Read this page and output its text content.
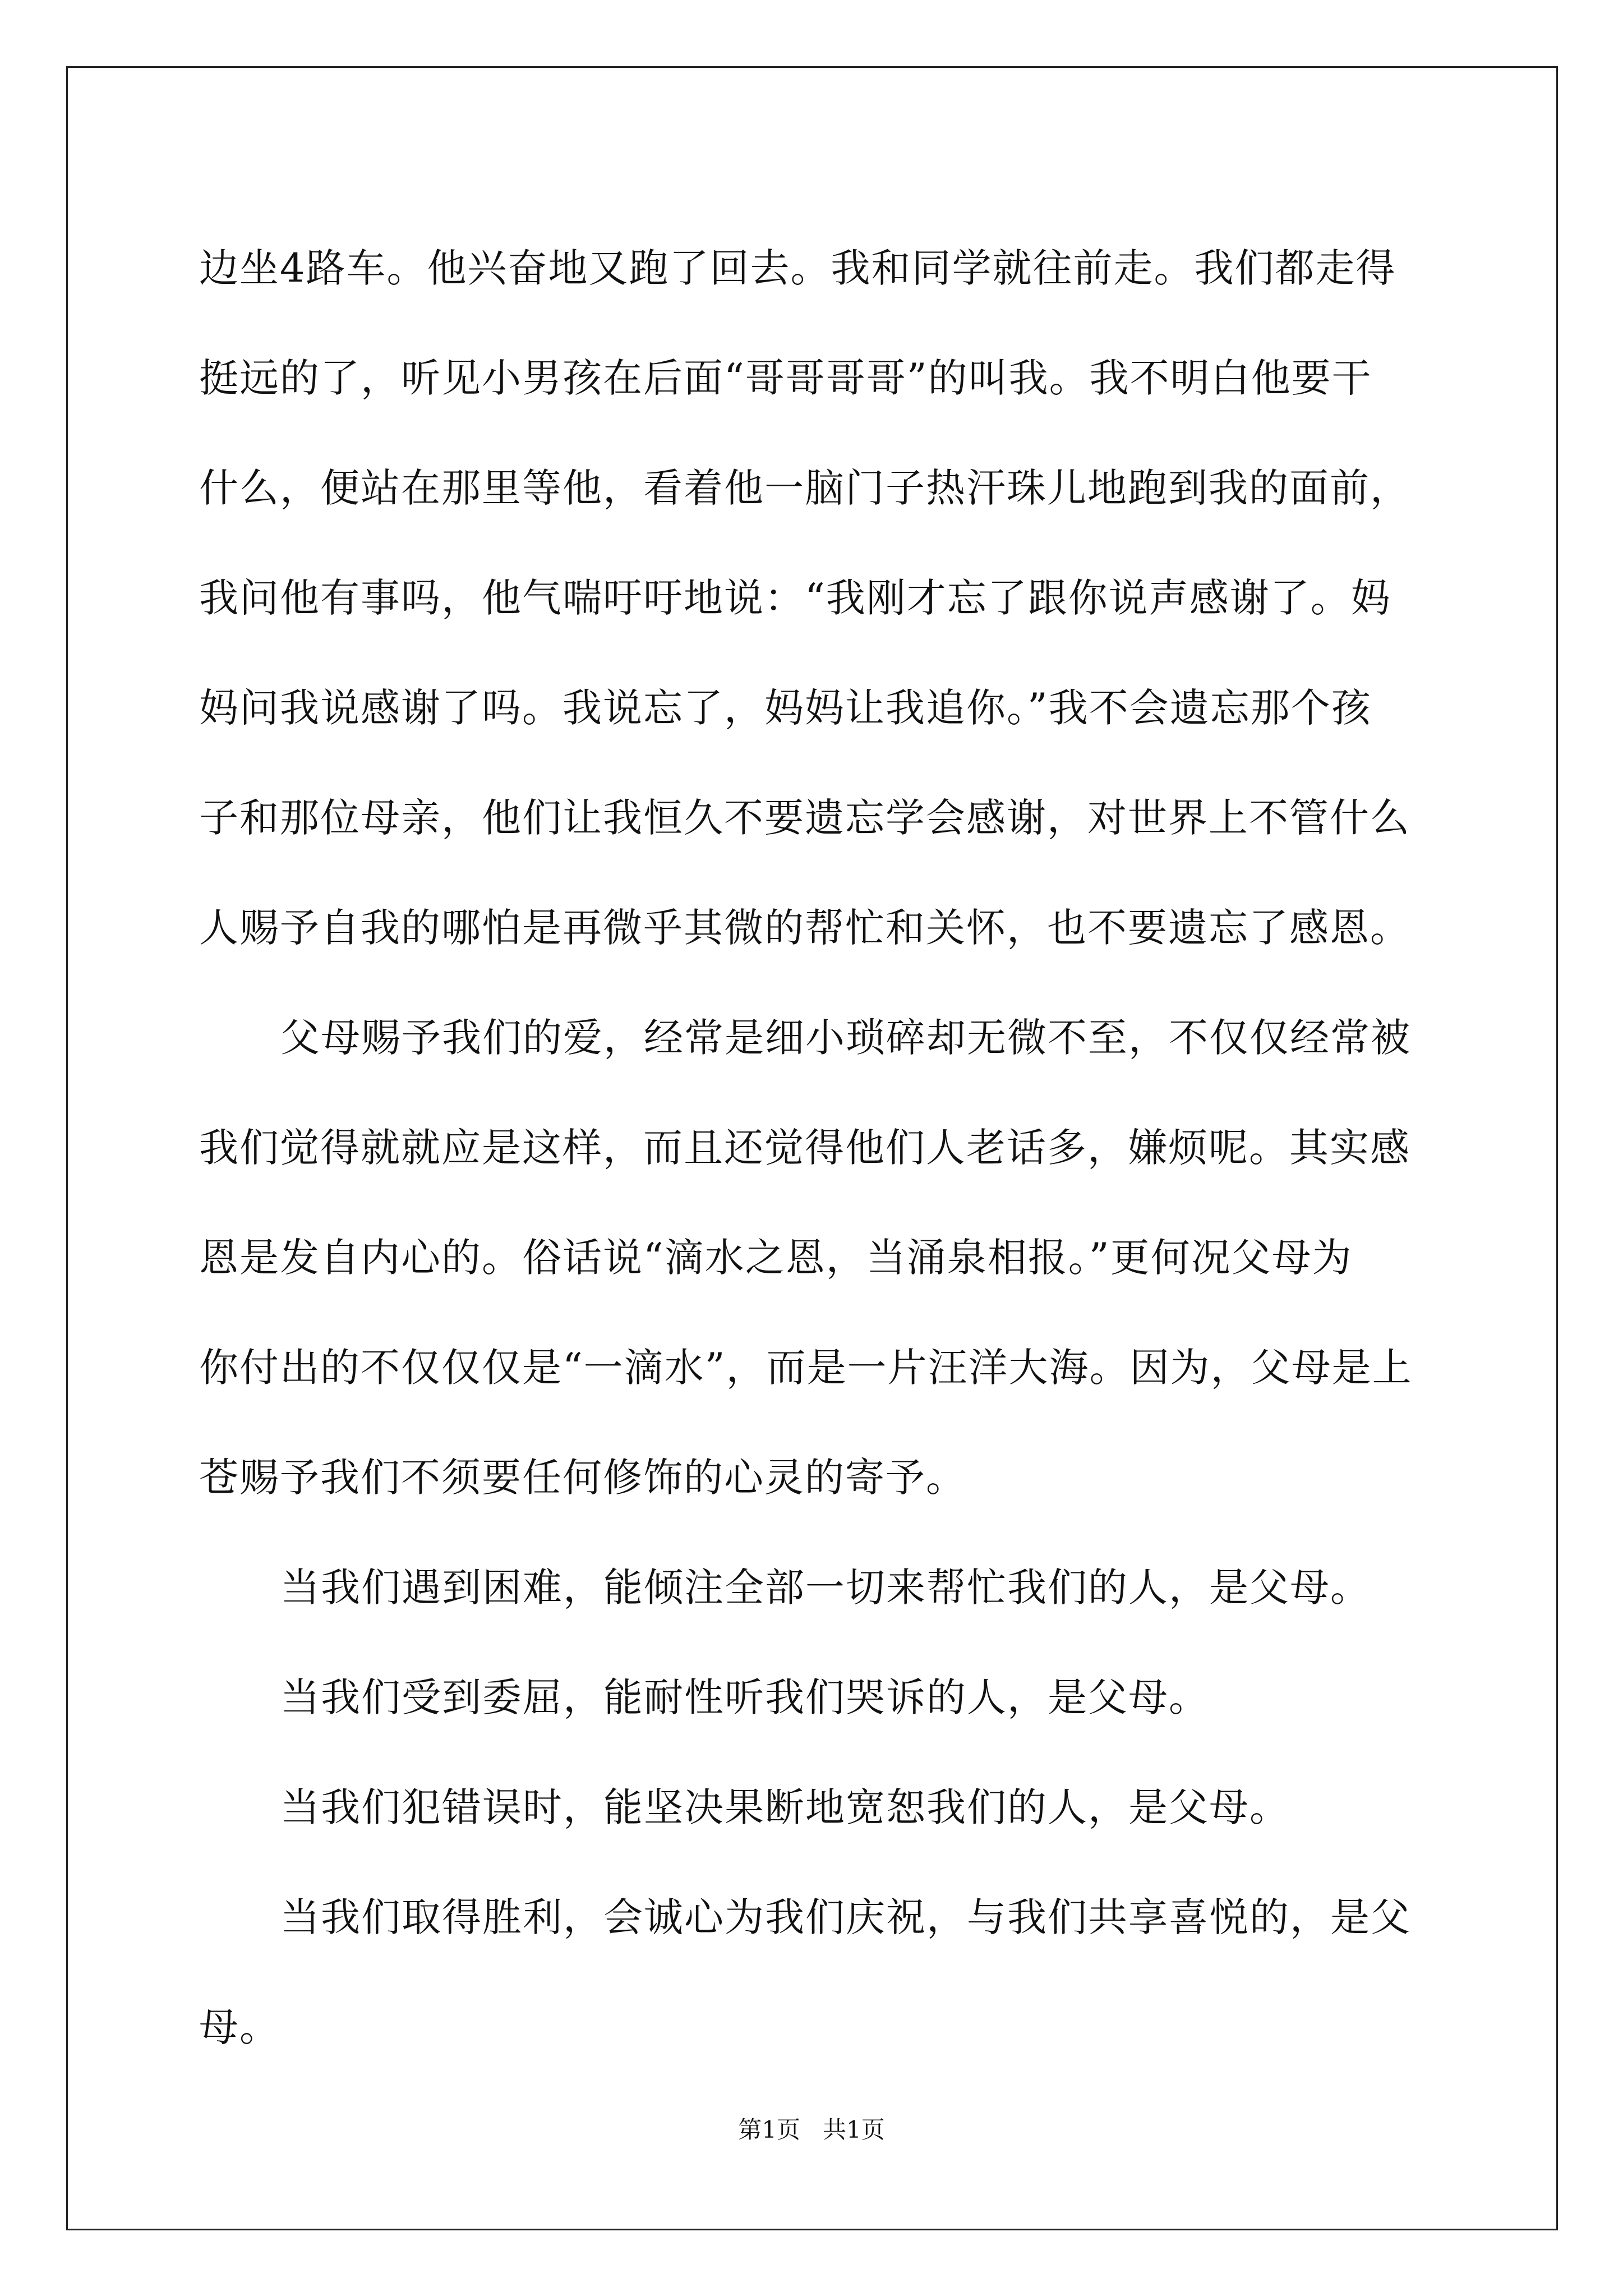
边坐4路车。他兴奋地又跑了回去。我和同学就往前走。我们都走得
挺远的了，听见小男孩在后面“哥哥哥哥”的叫我。我不明白他要干
什么，便站在那里等他，看着他一脑门子热汗珠儿地跑到我的面前，
我问他有事吗，他气喘吁吁地说：“我刚才忘了跟你说声感谢了。妈
妈问我说感谢了吗。我说忘了，妈妈让我追你。”我不会遗忘那个孩
子和那位母亲，他们让我恒久不要遗忘学会感谢，对世界上不管什么
人赐予自我的哪怕是再微乎其微的帮忙和关怀，也不要遗忘了感恩。
父母赐予我们的爱，经常是细小琐碎却无微不至，不仅仅经常被
我们觉得就就应是这样，而且还觉得他们人老话多，嫌烦呢。其实感
恩是发自内心的。俗话说“滴水之恩，当涌泉相报。”更何况父母为
你付出的不仅仅仅是“一滴水”，而是一片汪洋大海。因为，父母是上
苍赐予我们不须要任何修饰的心灵的寄予。
当我们遇到困难，能倾注全部一切来帮忙我们的人，是父母。
当我们受到委屈，能耐性听我们哭诉的人，是父母。
当我们犯错误时，能坚决果断地宽恕我们的人，是父母。
当我们取得胜利，会诚心为我们庆祝，与我们共享喜悦的，是父
母。
第1页   共1页
